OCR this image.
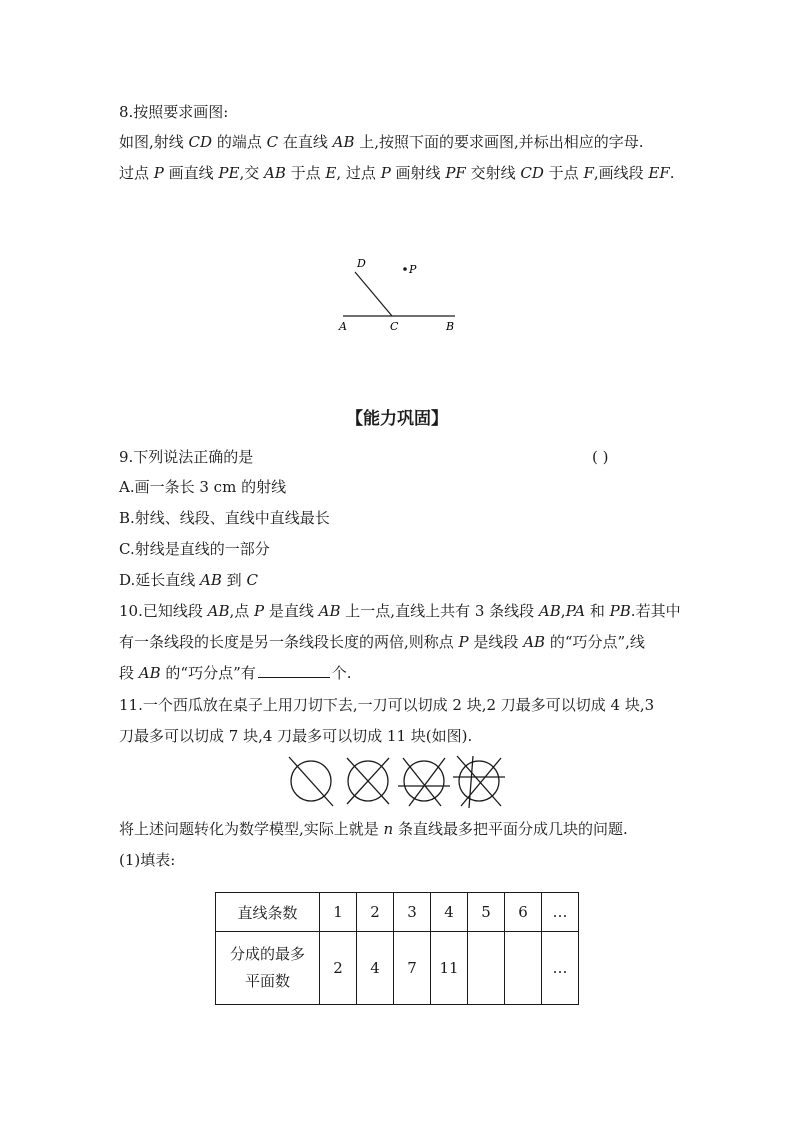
8.按照要求画图:
如图,射线 CD 的端点 C 在直线 AB 上,按照下面的要求画图,并标出相应的字母.
过点 P 画直线 PE,交 AB 于点 E, 过点 P 画射线 PF 交射线 CD 于点 F,画线段 EF.
D	P
A	C	B
【能力巩固】
9.下列说法正确的是	( )
A.画一条长 3 cm 的射线
B.射线、线段、直线中直线最长
C.射线是直线的一部分
D.延长直线 AB 到 C
10.已知线段 AB,点 P 是直线 AB 上一点,直线上共有 3 条线段 AB,PA 和 PB.若其中
有一条线段的长度是另一条线段长度的两倍,则称点 P 是线段 AB 的“巧分点”,线
段 AB 的“巧分点”有	个.
11.一个西瓜放在桌子上用刀切下去,一刀可以切成 2 块,2 刀最多可以切成 4 块,3
刀最多可以切成 7 块,4 刀最多可以切成 11 块(如图).
将上述问题转化为数学模型,实际上就是 n 条直线最多把平面分成几块的问题.
(1)填表:
直线条数	1	2	3	4	5	6	…
分成的最多
平面数	2	4	7	11			…
